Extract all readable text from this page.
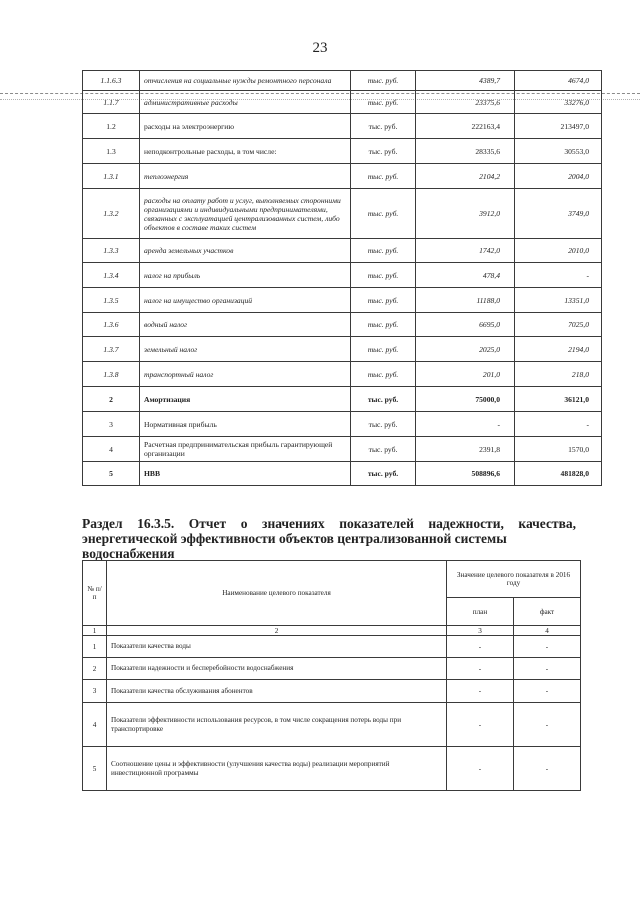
23
1.1.6.3	отчисления на социальные нужды ремонтного персонала	тыс. руб.	4389,7	4674,0
1.1.7	административные расходы	тыс. руб.	23375,6	33276,0
1.2	расходы на электроэнергию	тыс. руб.	222163,4	213497,0
1.3	неподконтрольные расходы, в том числе:	тыс. руб.	28335,6	30553,0
1.3.1	теплоэнергия	тыс. руб.	2104,2	2004,0
1.3.2	расходы на оплату работ и услуг, выполняемых сторонними организациями и индивидуальными предпринимателями, связанных с эксплуатацией централизованных систем, либо объектов в составе таких систем	тыс. руб.	3912,0	3749,0
1.3.3	аренда земельных участков	тыс. руб.	1742,0	2010,0
1.3.4	налог на прибыль	тыс. руб.	478,4	-
1.3.5	налог на имущество организаций	тыс. руб.	11188,0	13351,0
1.3.6	водный налог	тыс. руб.	6695,0	7025,0
1.3.7	земельный налог	тыс. руб.	2025,0	2194,0
1.3.8	транспортный налог	тыс. руб.	201,0	218,0
2	Амортизация	тыс. руб.	75000,0	36121,0
3	Нормативная прибыль	тыс. руб.	-	-
4	Расчетная предпринимательская прибыль гарантирующей организации	тыс. руб.	2391,8	1570,0
5	НВВ	тыс. руб.	508896,6	481828,0
Раздел 16.3.5. Отчет о значениях показателей надежности, качества, энергетической эффективности объектов централизованной системы
водоснабжения
№ п/п	Наименование целевого показателя	Значение целевого показателя в 2016 году	
		план	факт
1	2	3	4
1	Показатели качества воды	-	-
2	Показатели надежности и бесперебойности водоснабжения	-	-
3	Показатели качества обслуживания абонентов	-	-
4	Показатели эффективности использования ресурсов, в том числе сокращения потерь воды при транспортировке	-	-
5	Соотношение цены и эффективности (улучшения качества воды) реализации мероприятий инвестиционной программы	-	-
